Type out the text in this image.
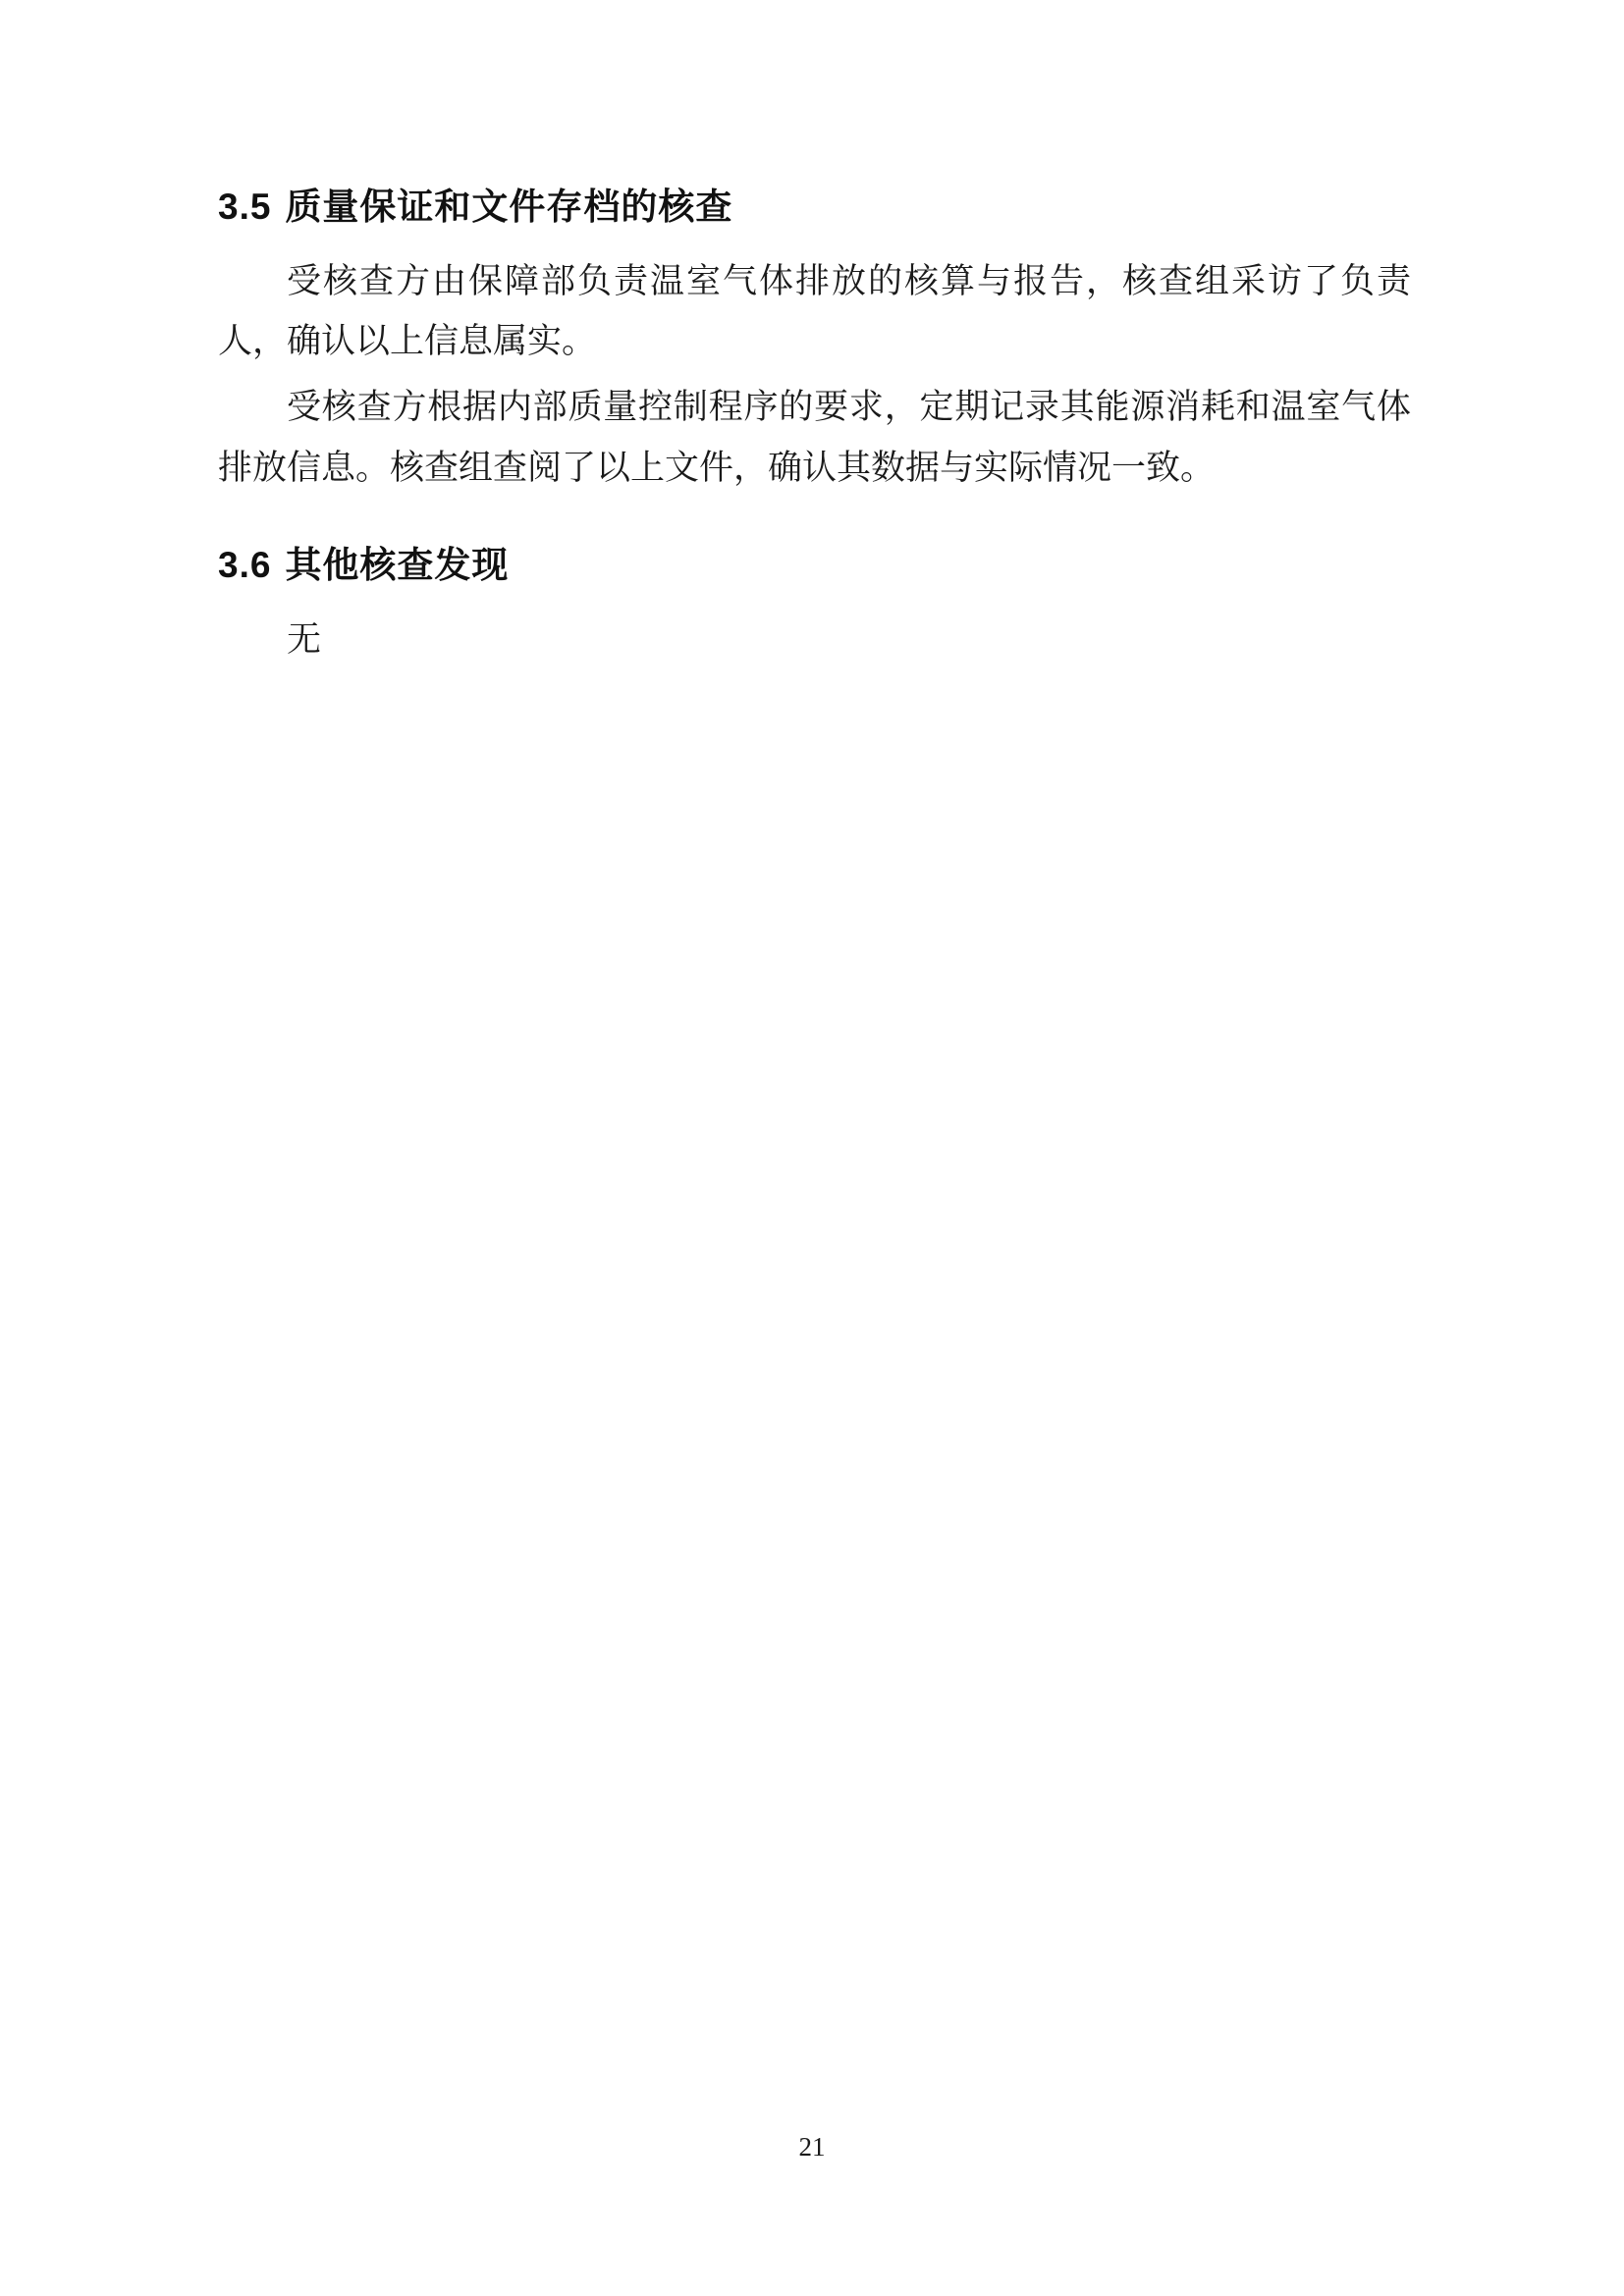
3.5 质量保证和文件存档的核查

受核查方由保障部负责温室气体排放的核算与报告，核查组采访了负责人，确认以上信息属实。

受核查方根据内部质量控制程序的要求，定期记录其能源消耗和温室气体排放信息。核查组查阅了以上文件，确认其数据与实际情况一致。

3.6 其他核查发现

无

21
